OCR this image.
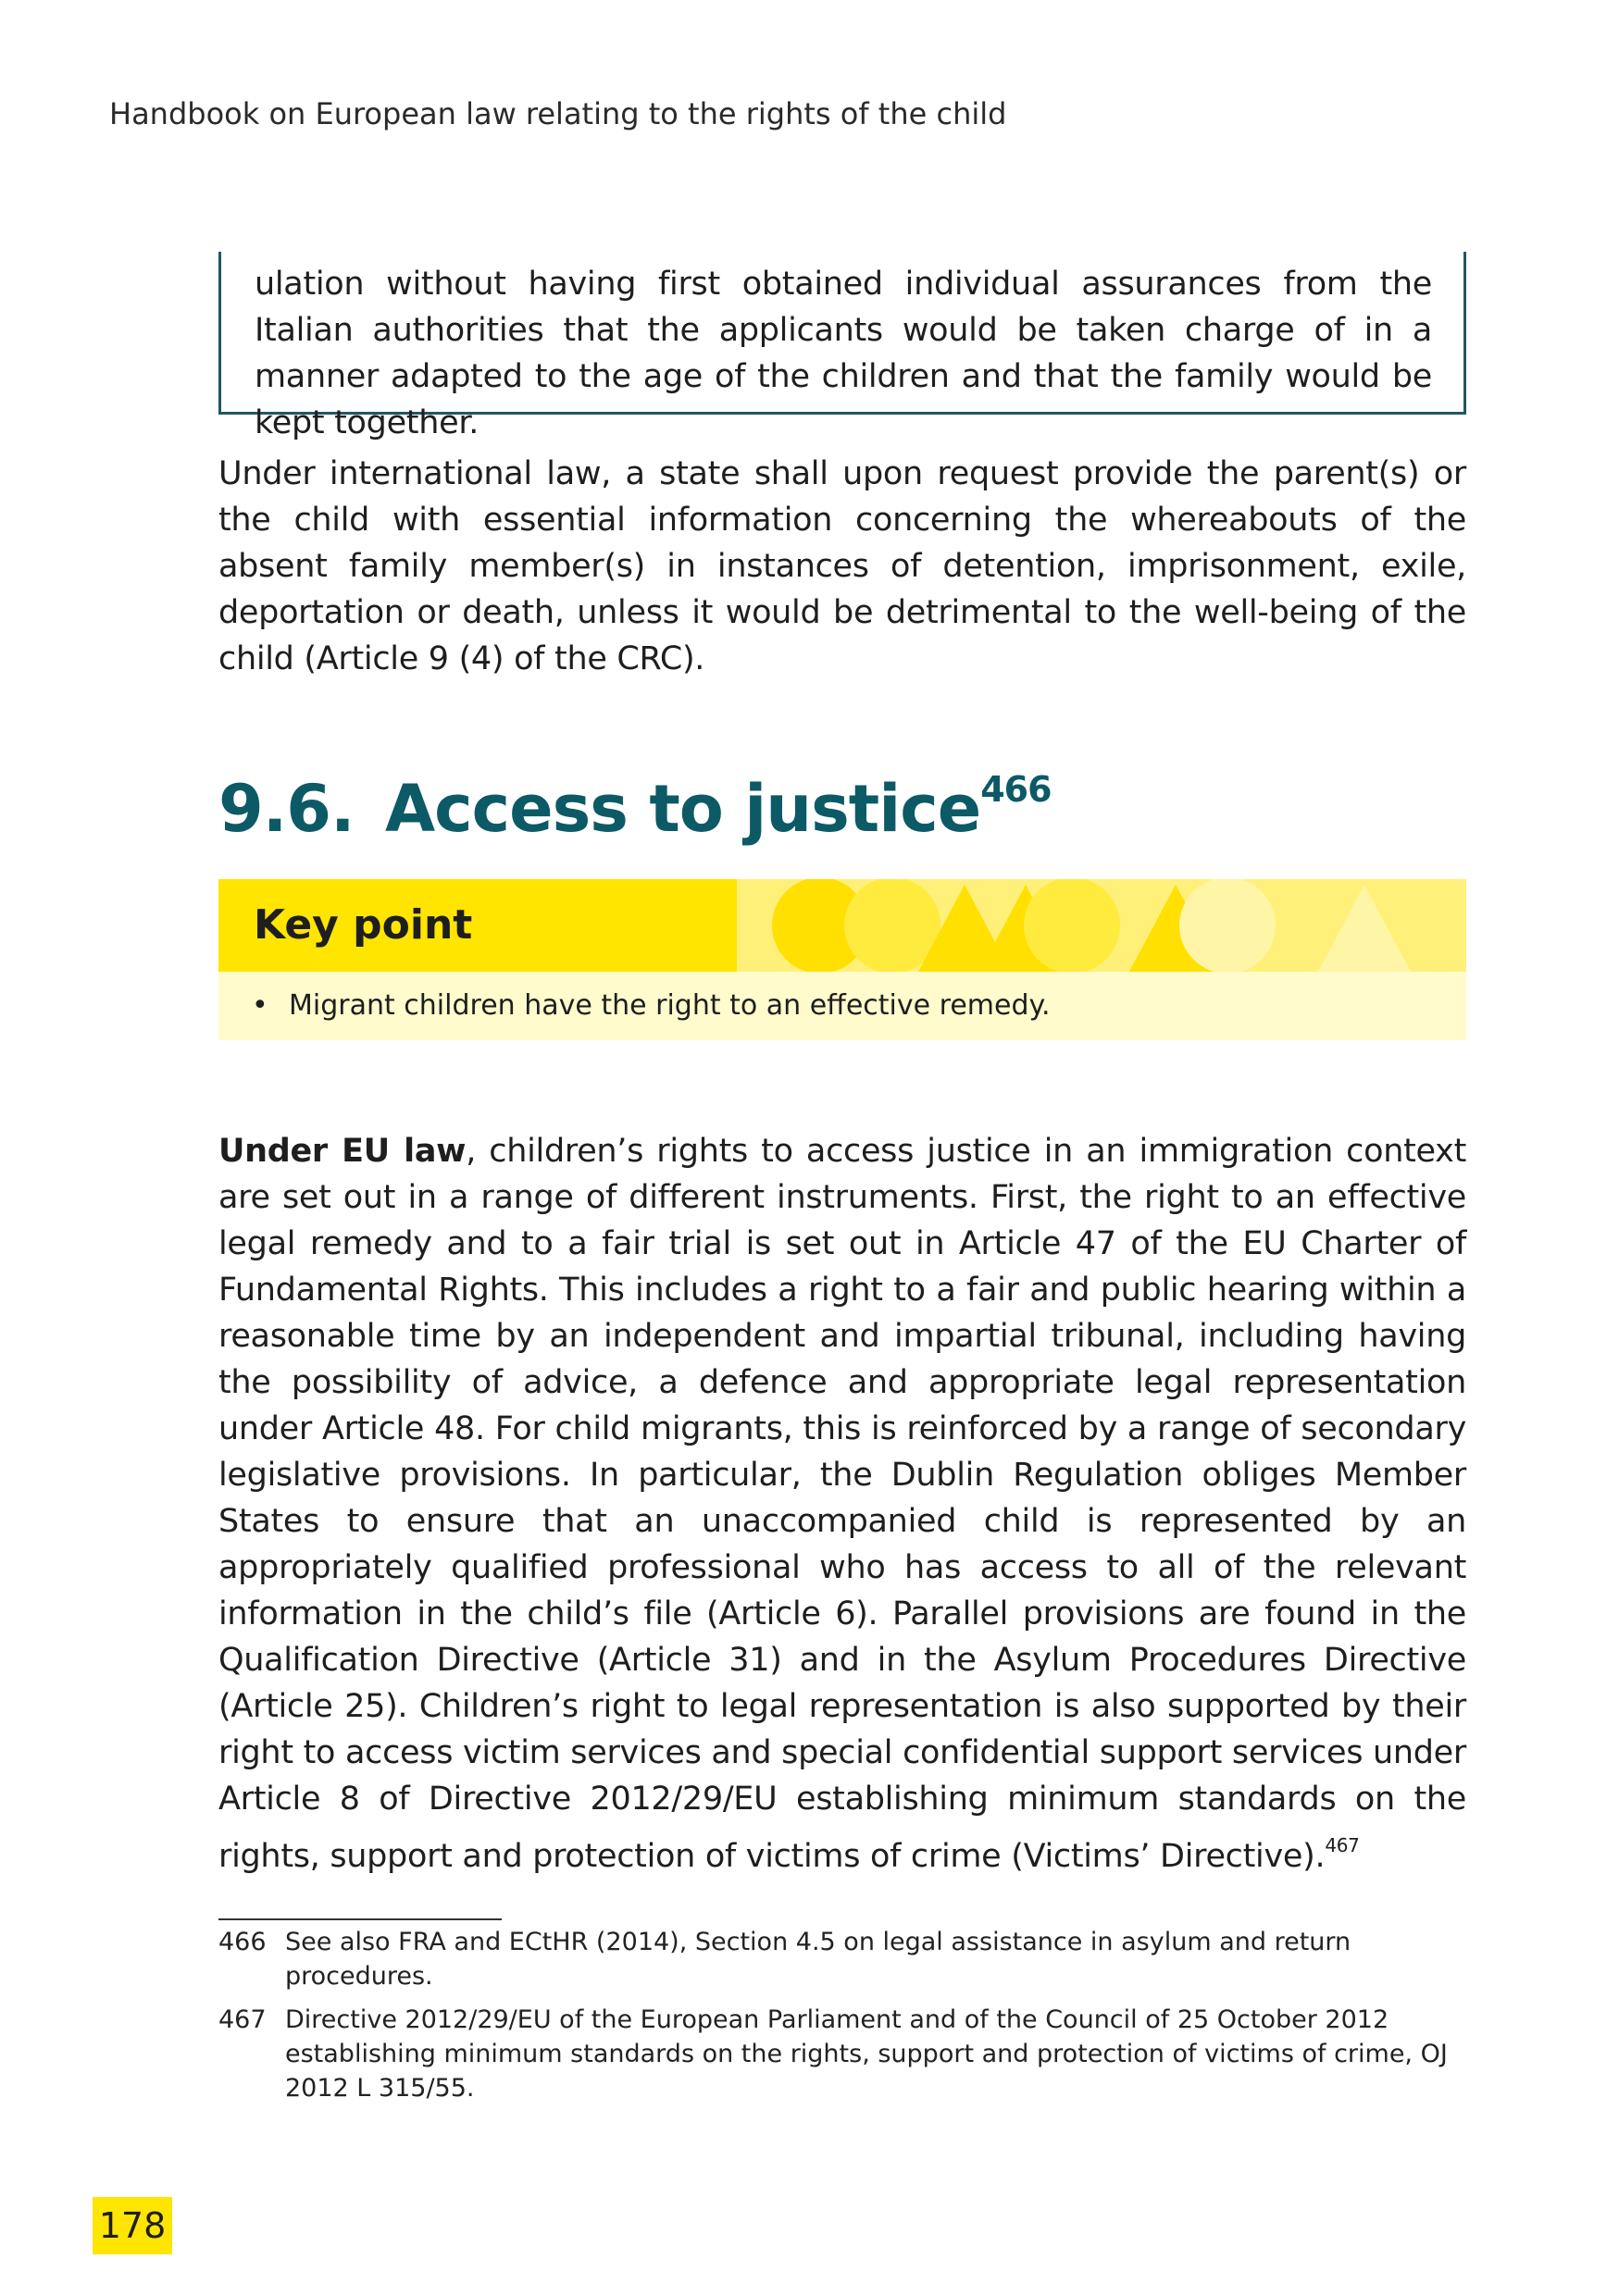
Handbook on European law relating to the rights of the child

ulation without having first obtained individual assurances from the Italian authorities that the applicants would be taken charge of in a manner adapted to the age of the children and that the family would be kept together.

Under international law, a state shall upon request provide the parent(s) or the child with essential information concerning the whereabouts of the absent family member(s) in instances of detention, imprisonment, exile, deportation or death, unless it would be detrimental to the well-being of the child (Article 9 (4) of the CRC).

9.6. Access to justice$^{466}$
Key point

• Migrant children have the right to an effective remedy.

Under EU law, children’s rights to access justice in an immigration context are set out in a range of different instruments. First, the right to an effective legal remedy and to a fair trial is set out in Article 47 of the EU Charter of Fundamental Rights. This includes a right to a fair and public hearing within a reasonable time by an independent and impartial tribunal, including having the possibility of advice, a defence and appropriate legal representation under Article 48. For child migrants, this is reinforced by a range of secondary legislative provisions. In particular, the Dublin Regulation obliges Member States to ensure that an unaccompanied child is represented by an appropriately qualified professional who has access to all of the relevant information in the child’s file (Article 6). Parallel provisions are found in the Qualification Directive (Article 31) and in the Asylum Procedures Directive (Article 25). Children’s right to legal representation is also supported by their right to access victim services and special confidential support services under Article 8 of Directive 2012/29/EU establishing minimum standards on the rights, support and protection of victims of crime (Victims’ Directive).$^{467}$

466 See also FRA and ECtHR (2014), Section 4.5 on legal assistance in asylum and return procedures.

467 Directive 2012/29/EU of the European Parliament and of the Council of 25 October 2012 establishing minimum standards on the rights, support and protection of victims of crime, OJ 2012 L 315/55.

178
